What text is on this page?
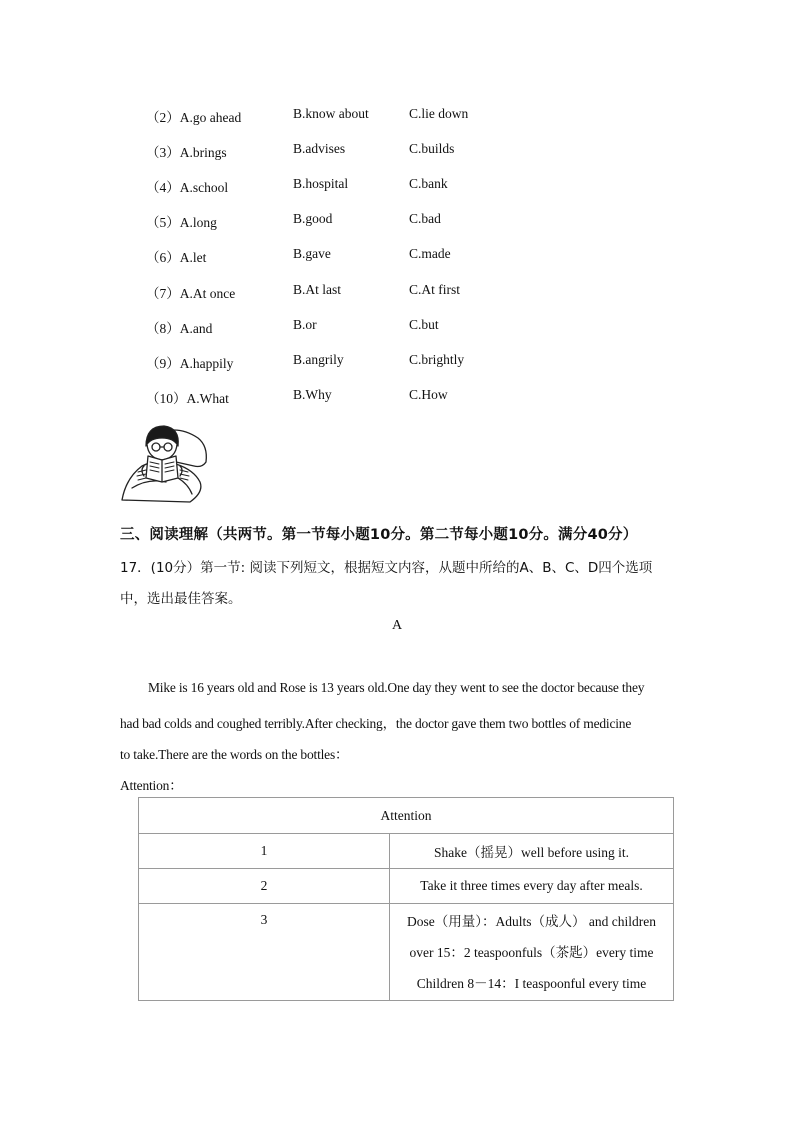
（2）A.go ahead	B.know about	C.lie down
（3）A.brings	B.advises	C.builds
（4）A.school	B.hospital	C.bank
（5）A.long	B.good	C.bad
（6）A.let	B.gave	C.made
（7）A.At once	B.At last	C.At first
（8）A.and	B.or	C.but
（9）A.happily	B.angrily	C.brightly
（10）A.What	B.Why	C.How
三、阅读理解（共两节。第一节每小题10分。第二节每小题10分。满分40分）
17．(10分）第一节: 阅读下列短文，根据短文内容，从题中所给的A、B、C、D四个选项
中，选出最佳答案。
A
Mike is 16 years old and Rose is 13 years old.One day they went to see the doctor because they
had bad colds and coughed terribly.After checking，the doctor gave them two bottles of medicine
to take.There are the words on the bottles：
Attention：
Attention	
1	Shake（摇晃）well before using it.
2	Take it three times every day after meals.
3	Dose（用量）：Adults（成人） and children
over 15：2 teaspoonfuls（茶匙）every time
Children 8－14：I teaspoonful every time
